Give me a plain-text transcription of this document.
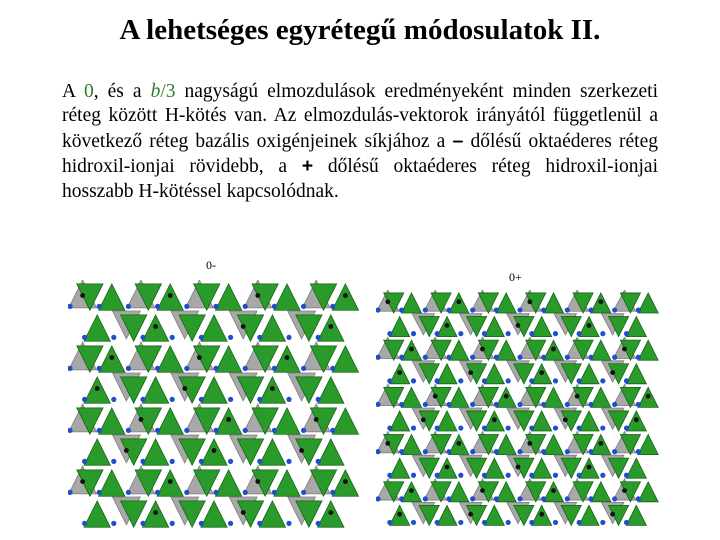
A lehetséges egyrétegű módosulatok II.
A 0, és a b/3 nagyságú elmozdulások eredményeként minden szerkezeti réteg között H-kötés van. Az elmozdulás-vektorok irányától függetlenül a következő réteg bazális oxigénjeinek síkjához a – dőlésű oktaéderes réteg hidroxil-ionjai rövidebb, a + dőlésű oktaéderes réteg hidroxil-ionjai hosszabb H-kötéssel kapcsolódnak.
0-
0+
